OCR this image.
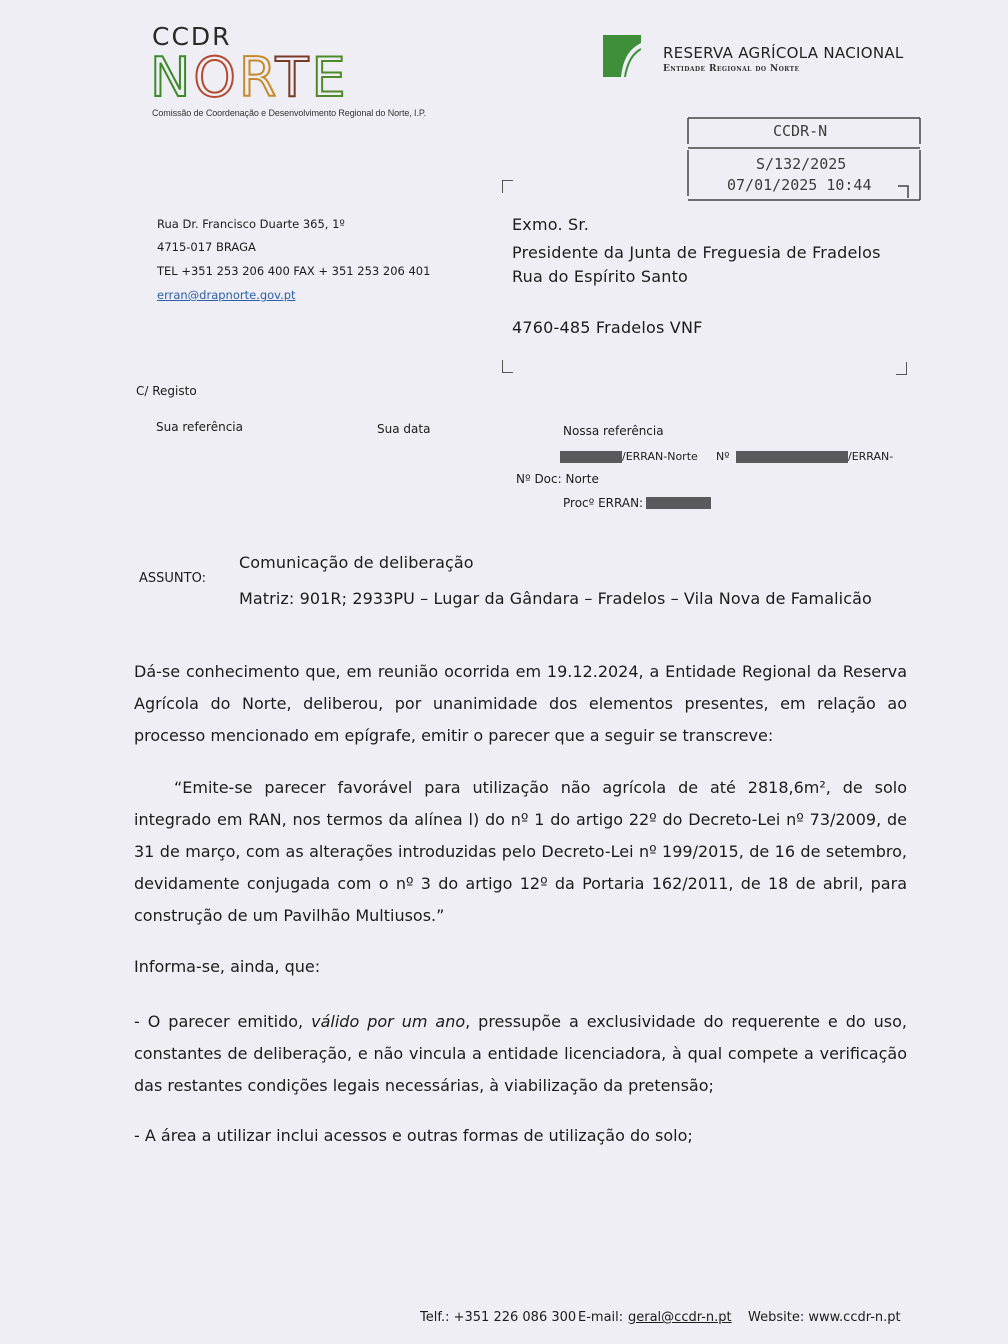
CCDR
NORTE
Comissão de Coordenação e Desenvolvimento Regional do Norte, I.P.
RESERVA AGRÍCOLA NACIONAL
Entidade Regional do Norte
CCDR-N
S/132/2025
07/01/2025 10:44
Rua Dr. Francisco Duarte 365, 1º
4715-017 BRAGA
TEL +351 253 206 400 FAX + 351 253 206 401
erran@drapnorte.gov.pt
Exmo. Sr.
Presidente da Junta de Freguesia de Fradelos
Rua do Espírito Santo
4760-485 Fradelos VNF
C/ Registo
Sua referência	Sua data	Nossa referência
/ERRAN-Norte Nº	/ERRAN-
Nº Doc: Norte
Procº ERRAN:
ASSUNTO:
Comunicação de deliberação
Matriz: 901R; 2933PU – Lugar da Gândara – Fradelos – Vila Nova de Famalicão
Dá-se conhecimento que, em reunião ocorrida em 19.12.2024, a Entidade Regional da Reserva Agrícola do Norte, deliberou, por unanimidade dos elementos presentes, em relação ao processo mencionado em epígrafe, emitir o parecer que a seguir se transcreve:
“Emite-se parecer favorável para utilização não agrícola de até 2818,6m², de solo integrado em RAN, nos termos da alínea l) do nº 1 do artigo 22º do Decreto-Lei nº 73/2009, de 31 de março, com as alterações introduzidas pelo Decreto-Lei nº 199/2015, de 16 de setembro, devidamente conjugada com o nº 3 do artigo 12º da Portaria 162/2011, de 18 de abril, para construção de um Pavilhão Multiusos.”
Informa-se, ainda, que:
- O parecer emitido, válido por um ano, pressupõe a exclusividade do requerente e do uso, constantes de deliberação, e não vincula a entidade licenciadora, à qual compete a verificação das restantes condições legais necessárias, à viabilização da pretensão;
- A área a utilizar inclui acessos e outras formas de utilização do solo;
Telf.: +351 226 086 300 E-mail: geral@ccdr-n.pt Website: www.ccdr-n.pt
